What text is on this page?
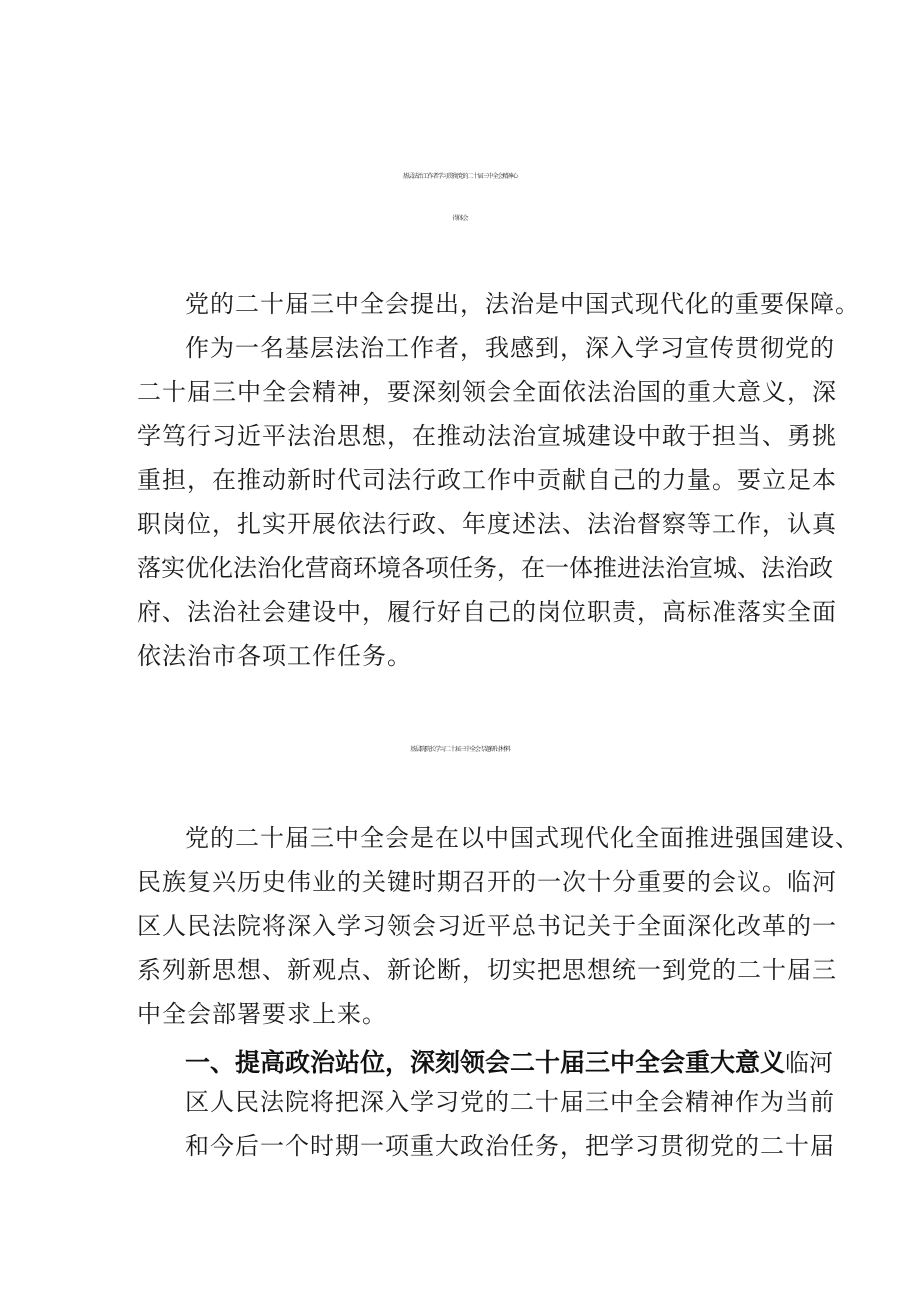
基层法治工作者学习贯彻党的二十届三中全会精神心
得体会
党的二十届三中全会提出，法治是中国式现代化的重要保障。
作为一名基层法治工作者，我感到，深入学习宣传贯彻党的
二十届三中全会精神，要深刻领会全面依法治国的重大意义，深
学笃行习近平法治思想，在推动法治宣城建设中敢于担当、勇挑
重担，在推动新时代司法行政工作中贡献自己的力量。要立足本
职岗位，扎实开展依法行政、年度述法、法治督察等工作，认真
落实优化法治化营商环境各项任务，在一体推进法治宣城、法治政
府、法治社会建设中，履行好自己的岗位职责，高标准落实全面
依法治市各项工作任务。
基层院院长学习二十届三中全会专题研讨材料
党的二十届三中全会是在以中国式现代化全面推进强国建设、
民族复兴历史伟业的关键时期召开的一次十分重要的会议。临河
区人民法院将深入学习领会习近平总书记关于全面深化改革的一
系列新思想、新观点、新论断，切实把思想统一到党的二十届三
中全会部署要求上来。
一、提高政治站位，深刻领会二十届三中全会重大意义临河
区人民法院将把深入学习党的二十届三中全会精神作为当前
和今后一个时期一项重大政治任务，把学习贯彻党的二十届
